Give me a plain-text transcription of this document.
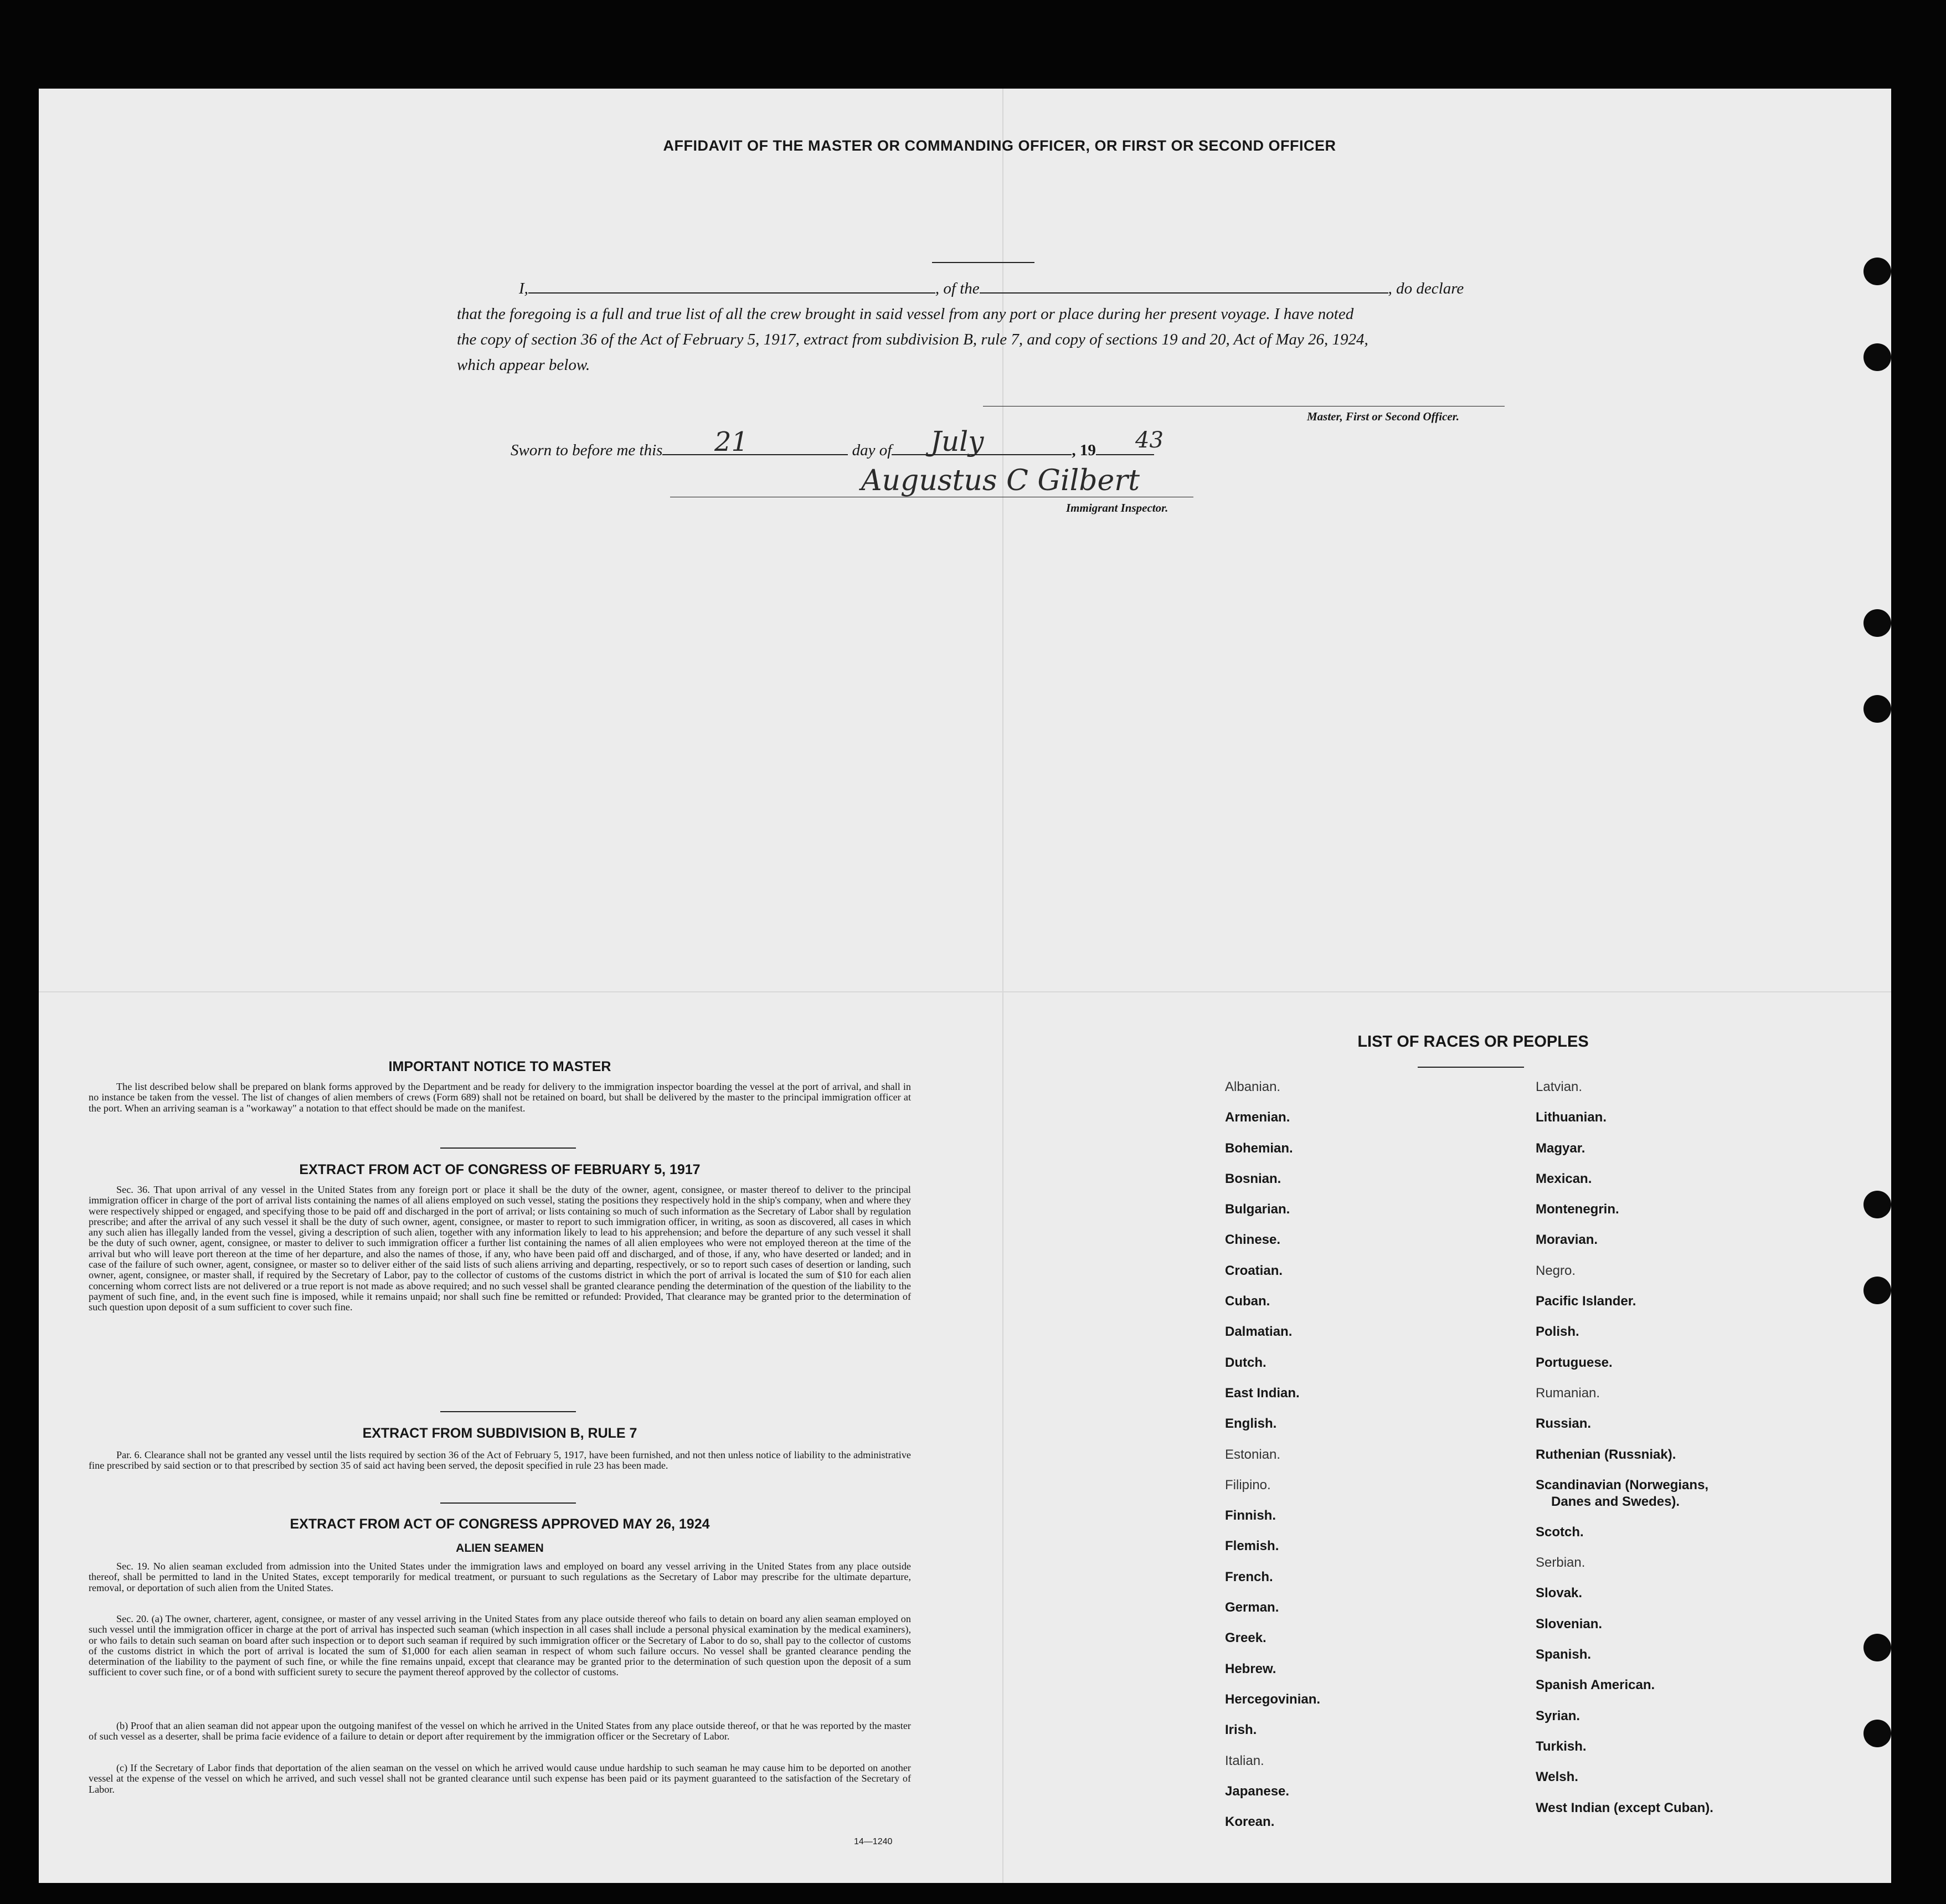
AFFIDAVIT OF THE MASTER OR COMMANDING OFFICER, OR FIRST OR SECOND OFFICER
I,	, of the	, do declare
that the foregoing is a full and true list of all the crew brought in said vessel from any port or place during her present voyage. I have noted
the copy of section 36 of the Act of February 5, 1917, extract from subdivision B, rule 7, and copy of sections 19 and 20, Act of May 26, 1924,
which appear below.
Master, First or Second Officer.
Sworn to before me this	day of	, 19
21	July	43
Augustus C Gilbert
Immigrant Inspector.
IMPORTANT NOTICE TO MASTER
The list described below shall be prepared on blank forms approved by the Department and be ready for delivery to the immigration inspector boarding the vessel at the port of arrival, and shall in no instance be taken from the vessel. The list of changes of alien members of crews (Form 689) shall not be retained on board, but shall be delivered by the master to the principal immigration officer at the port. When an arriving seaman is a "workaway" a notation to that effect should be made on the manifest.
EXTRACT FROM ACT OF CONGRESS OF FEBRUARY 5, 1917
Sec. 36. That upon arrival of any vessel in the United States from any foreign port or place it shall be the duty of the owner, agent, consignee, or master thereof to deliver to the principal immigration officer in charge of the port of arrival lists containing the names of all aliens employed on such vessel, stating the positions they respectively hold in the ship's company, when and where they were respectively shipped or engaged, and specifying those to be paid off and discharged in the port of arrival; or lists containing so much of such information as the Secretary of Labor shall by regulation prescribe; and after the arrival of any such vessel it shall be the duty of such owner, agent, consignee, or master to report to such immigration officer, in writing, as soon as discovered, all cases in which any such alien has illegally landed from the vessel, giving a description of such alien, together with any information likely to lead to his apprehension; and before the departure of any such vessel it shall be the duty of such owner, agent, consignee, or master to deliver to such immigration officer a further list containing the names of all alien employees who were not employed thereon at the time of the arrival but who will leave port thereon at the time of her departure, and also the names of those, if any, who have been paid off and discharged, and of those, if any, who have deserted or landed; and in case of the failure of such owner, agent, consignee, or master so to deliver either of the said lists of such aliens arriving and departing, respectively, or so to report such cases of desertion or landing, such owner, agent, consignee, or master shall, if required by the Secretary of Labor, pay to the collector of customs of the customs district in which the port of arrival is located the sum of $10 for each alien concerning whom correct lists are not delivered or a true report is not made as above required; and no such vessel shall be granted clearance pending the determination of the question of the liability to the payment of such fine, and, in the event such fine is imposed, while it remains unpaid; nor shall such fine be remitted or refunded: Provided, That clearance may be granted prior to the determination of such question upon deposit of a sum sufficient to cover such fine.
EXTRACT FROM SUBDIVISION B, RULE 7
Par. 6. Clearance shall not be granted any vessel until the lists required by section 36 of the Act of February 5, 1917, have been furnished, and not then unless notice of liability to the administrative fine prescribed by said section or to that prescribed by section 35 of said act having been served, the deposit specified in rule 23 has been made.
EXTRACT FROM ACT OF CONGRESS APPROVED MAY 26, 1924
ALIEN SEAMEN
Sec. 19. No alien seaman excluded from admission into the United States under the immigration laws and employed on board any vessel arriving in the United States from any place outside thereof, shall be permitted to land in the United States, except temporarily for medical treatment, or pursuant to such regulations as the Secretary of Labor may prescribe for the ultimate departure, removal, or deportation of such alien from the United States.
Sec. 20. (a) The owner, charterer, agent, consignee, or master of any vessel arriving in the United States from any place outside thereof who fails to detain on board any alien seaman employed on such vessel until the immigration officer in charge at the port of arrival has inspected such seaman (which inspection in all cases shall include a personal physical examination by the medical examiners), or who fails to detain such seaman on board after such inspection or to deport such seaman if required by such immigration officer or the Secretary of Labor to do so, shall pay to the collector of customs of the customs district in which the port of arrival is located the sum of $1,000 for each alien seaman in respect of whom such failure occurs. No vessel shall be granted clearance pending the determination of the liability to the payment of such fine, or while the fine remains unpaid, except that clearance may be granted prior to the determination of such question upon the deposit of a sum sufficient to cover such fine, or of a bond with sufficient surety to secure the payment thereof approved by the collector of customs.
(b) Proof that an alien seaman did not appear upon the outgoing manifest of the vessel on which he arrived in the United States from any place outside thereof, or that he was reported by the master of such vessel as a deserter, shall be prima facie evidence of a failure to detain or deport after requirement by the immigration officer or the Secretary of Labor.
(c) If the Secretary of Labor finds that deportation of the alien seaman on the vessel on which he arrived would cause undue hardship to such seaman he may cause him to be deported on another vessel at the expense of the vessel on which he arrived, and such vessel shall not be granted clearance until such expense has been paid or its payment guaranteed to the satisfaction of the Secretary of Labor.
14—1240
LIST OF RACES OR PEOPLES
Albanian.
Armenian.
Bohemian.
Bosnian.
Bulgarian.
Chinese.
Croatian.
Cuban.
Dalmatian.
Dutch.
East Indian.
English.
Estonian.
Filipino.
Finnish.
Flemish.
French.
German.
Greek.
Hebrew.
Hercegovinian.
Irish.
Italian.
Japanese.
Korean.
Latvian.
Lithuanian.
Magyar.
Mexican.
Montenegrin.
Moravian.
Negro.
Pacific Islander.
Polish.
Portuguese.
Rumanian.
Russian.
Ruthenian (Russniak).
Scandinavian (Norwegians,
Danes and Swedes).
Scotch.
Serbian.
Slovak.
Slovenian.
Spanish.
Spanish American.
Syrian.
Turkish.
Welsh.
West Indian (except Cuban).
